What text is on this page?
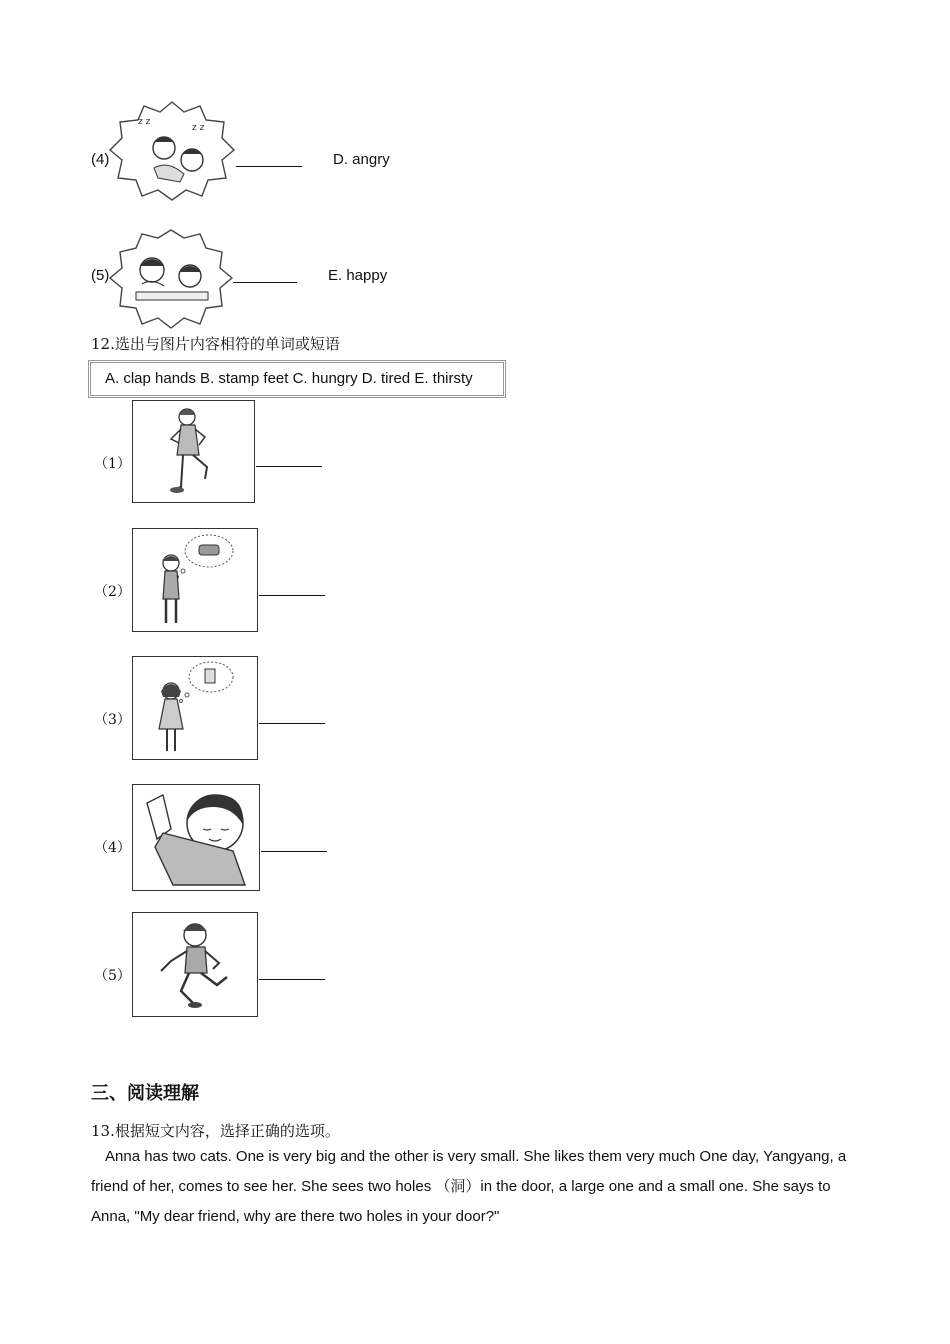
(4)
z z
z z
D. angry
(5)	E. happy
12.选出与图片内容相符的单词或短语
A. clap hands B. stamp feet C. hungry D. tired E. thirsty
（1）
（2）
（3）
（4）
（5）
三、阅读理解
13.根据短文内容，选择正确的选项。
Anna has two cats. One is very big and the other is very small. She likes them very much One day, Yangyang, a
friend of her, comes to see her. She sees two holes （洞）in the door, a large one and a small one. She says to
Anna, "My dear friend, why are there two holes in your door?"
